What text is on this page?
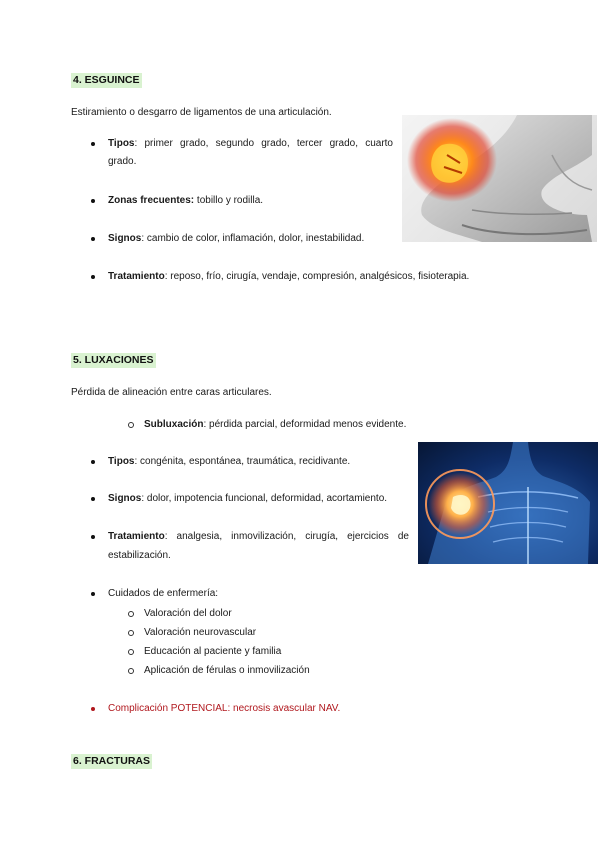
4. ESGUINCE
Estiramiento o desgarro de ligamentos de una articulación.
Tipos: primer grado, segundo grado, tercer grado, cuarto
grado.
Zonas frecuentes: tobillo y rodilla.
Signos: cambio de color, inflamación, dolor, inestabilidad.
Tratamiento: reposo, frío, cirugía, vendaje, compresión, analgésicos, fisioterapia.
5. LUXACIONES
Pérdida de alineación entre caras articulares.
Subluxación: pérdida parcial, deformidad menos evidente.
Tipos: congénita, espontánea, traumática, recidivante.
Signos: dolor, impotencia funcional, deformidad, acortamiento.
Tratamiento: analgesia, inmovilización, cirugía, ejercicios de
estabilización.
Cuidados de enfermería:
Valoración del dolor
Valoración neurovascular
Educación al paciente y familia
Aplicación de férulas o inmovilización
Complicación POTENCIAL: necrosis avascular NAV.
6. FRACTURAS
